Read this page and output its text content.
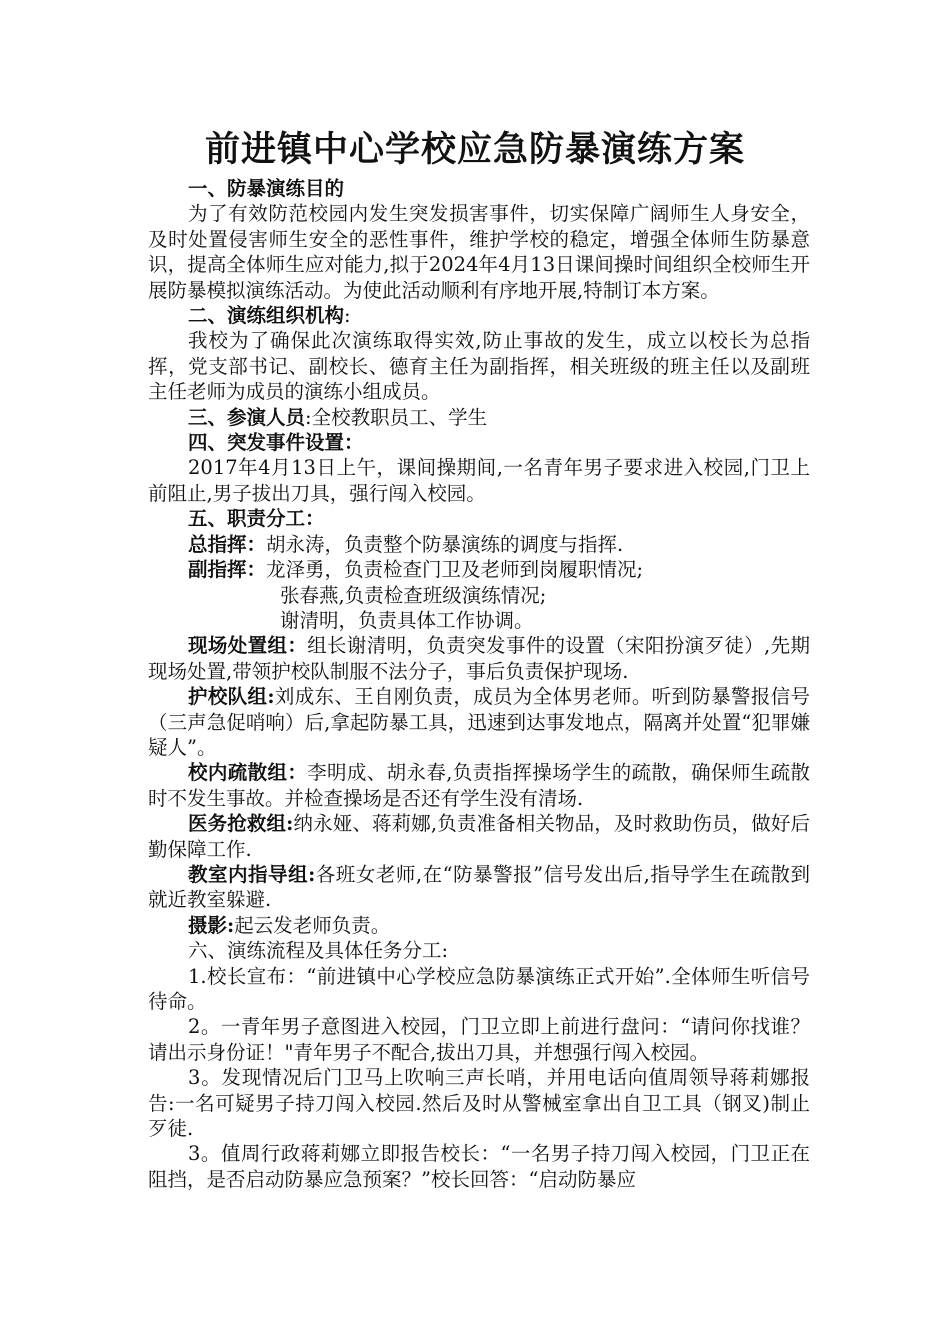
前进镇中心学校应急防暴演练方案

一、防暴演练目的

为了有效防范校园内发生突发损害事件，切实保障广阔师生人身安全，及时处置侵害师生安全的恶性事件，维护学校的稳定，增强全体师生防暴意识，提高全体师生应对能力,拟于2024年4月13日课间操时间组织全校师生开展防暴模拟演练活动。为使此活动顺利有序地开展,特制订本方案。

二、演练组织机构:

我校为了确保此次演练取得实效,防止事故的发生，成立以校长为总指挥，党支部书记、副校长、德育主任为副指挥，相关班级的班主任以及副班主任老师为成员的演练小组成员。

三、参演人员:全校教职员工、学生

四、突发事件设置：

2017年4月13日上午，课间操期间,一名青年男子要求进入校园,门卫上前阻止,男子拔出刀具，强行闯入校园。

五、职责分工：

总指挥：胡永涛，负责整个防暴演练的调度与指挥.

副指挥：龙泽勇，负责检查门卫及老师到岗履职情况;

张春燕,负责检查班级演练情况;

谢清明，负责具体工作协调。

现场处置组：组长谢清明，负责突发事件的设置（宋阳扮演歹徒）,先期现场处置,带领护校队制服不法分子，事后负责保护现场.

护校队组:刘成东、王自刚负责，成员为全体男老师。听到防暴警报信号（三声急促哨响）后,拿起防暴工具，迅速到达事发地点，隔离并处置“犯罪嫌疑人”。

校内疏散组：李明成、胡永春,负责指挥操场学生的疏散，确保师生疏散时不发生事故。并检查操场是否还有学生没有清场.

医务抢救组:纳永娅、蒋莉娜,负责准备相关物品，及时救助伤员，做好后勤保障工作.

教室内指导组:各班女老师,在“防暴警报”信号发出后,指导学生在疏散到就近教室躲避.

摄影:起云发老师负责。

六、演练流程及具体任务分工:

1.校长宣布：“前进镇中心学校应急防暴演练正式开始”.全体师生听信号待命。

2。一青年男子意图进入校园，门卫立即上前进行盘问：“请问你找谁？请出示身份证！"青年男子不配合,拔出刀具，并想强行闯入校园。

3。发现情况后门卫马上吹响三声长哨，并用电话向值周领导蒋莉娜报告:一名可疑男子持刀闯入校园.然后及时从警械室拿出自卫工具（钢叉)制止歹徒.

3。值周行政蒋莉娜立即报告校长：“一名男子持刀闯入校园，门卫正在阻挡，是否启动防暴应急预案？”校长回答：“启动防暴应
